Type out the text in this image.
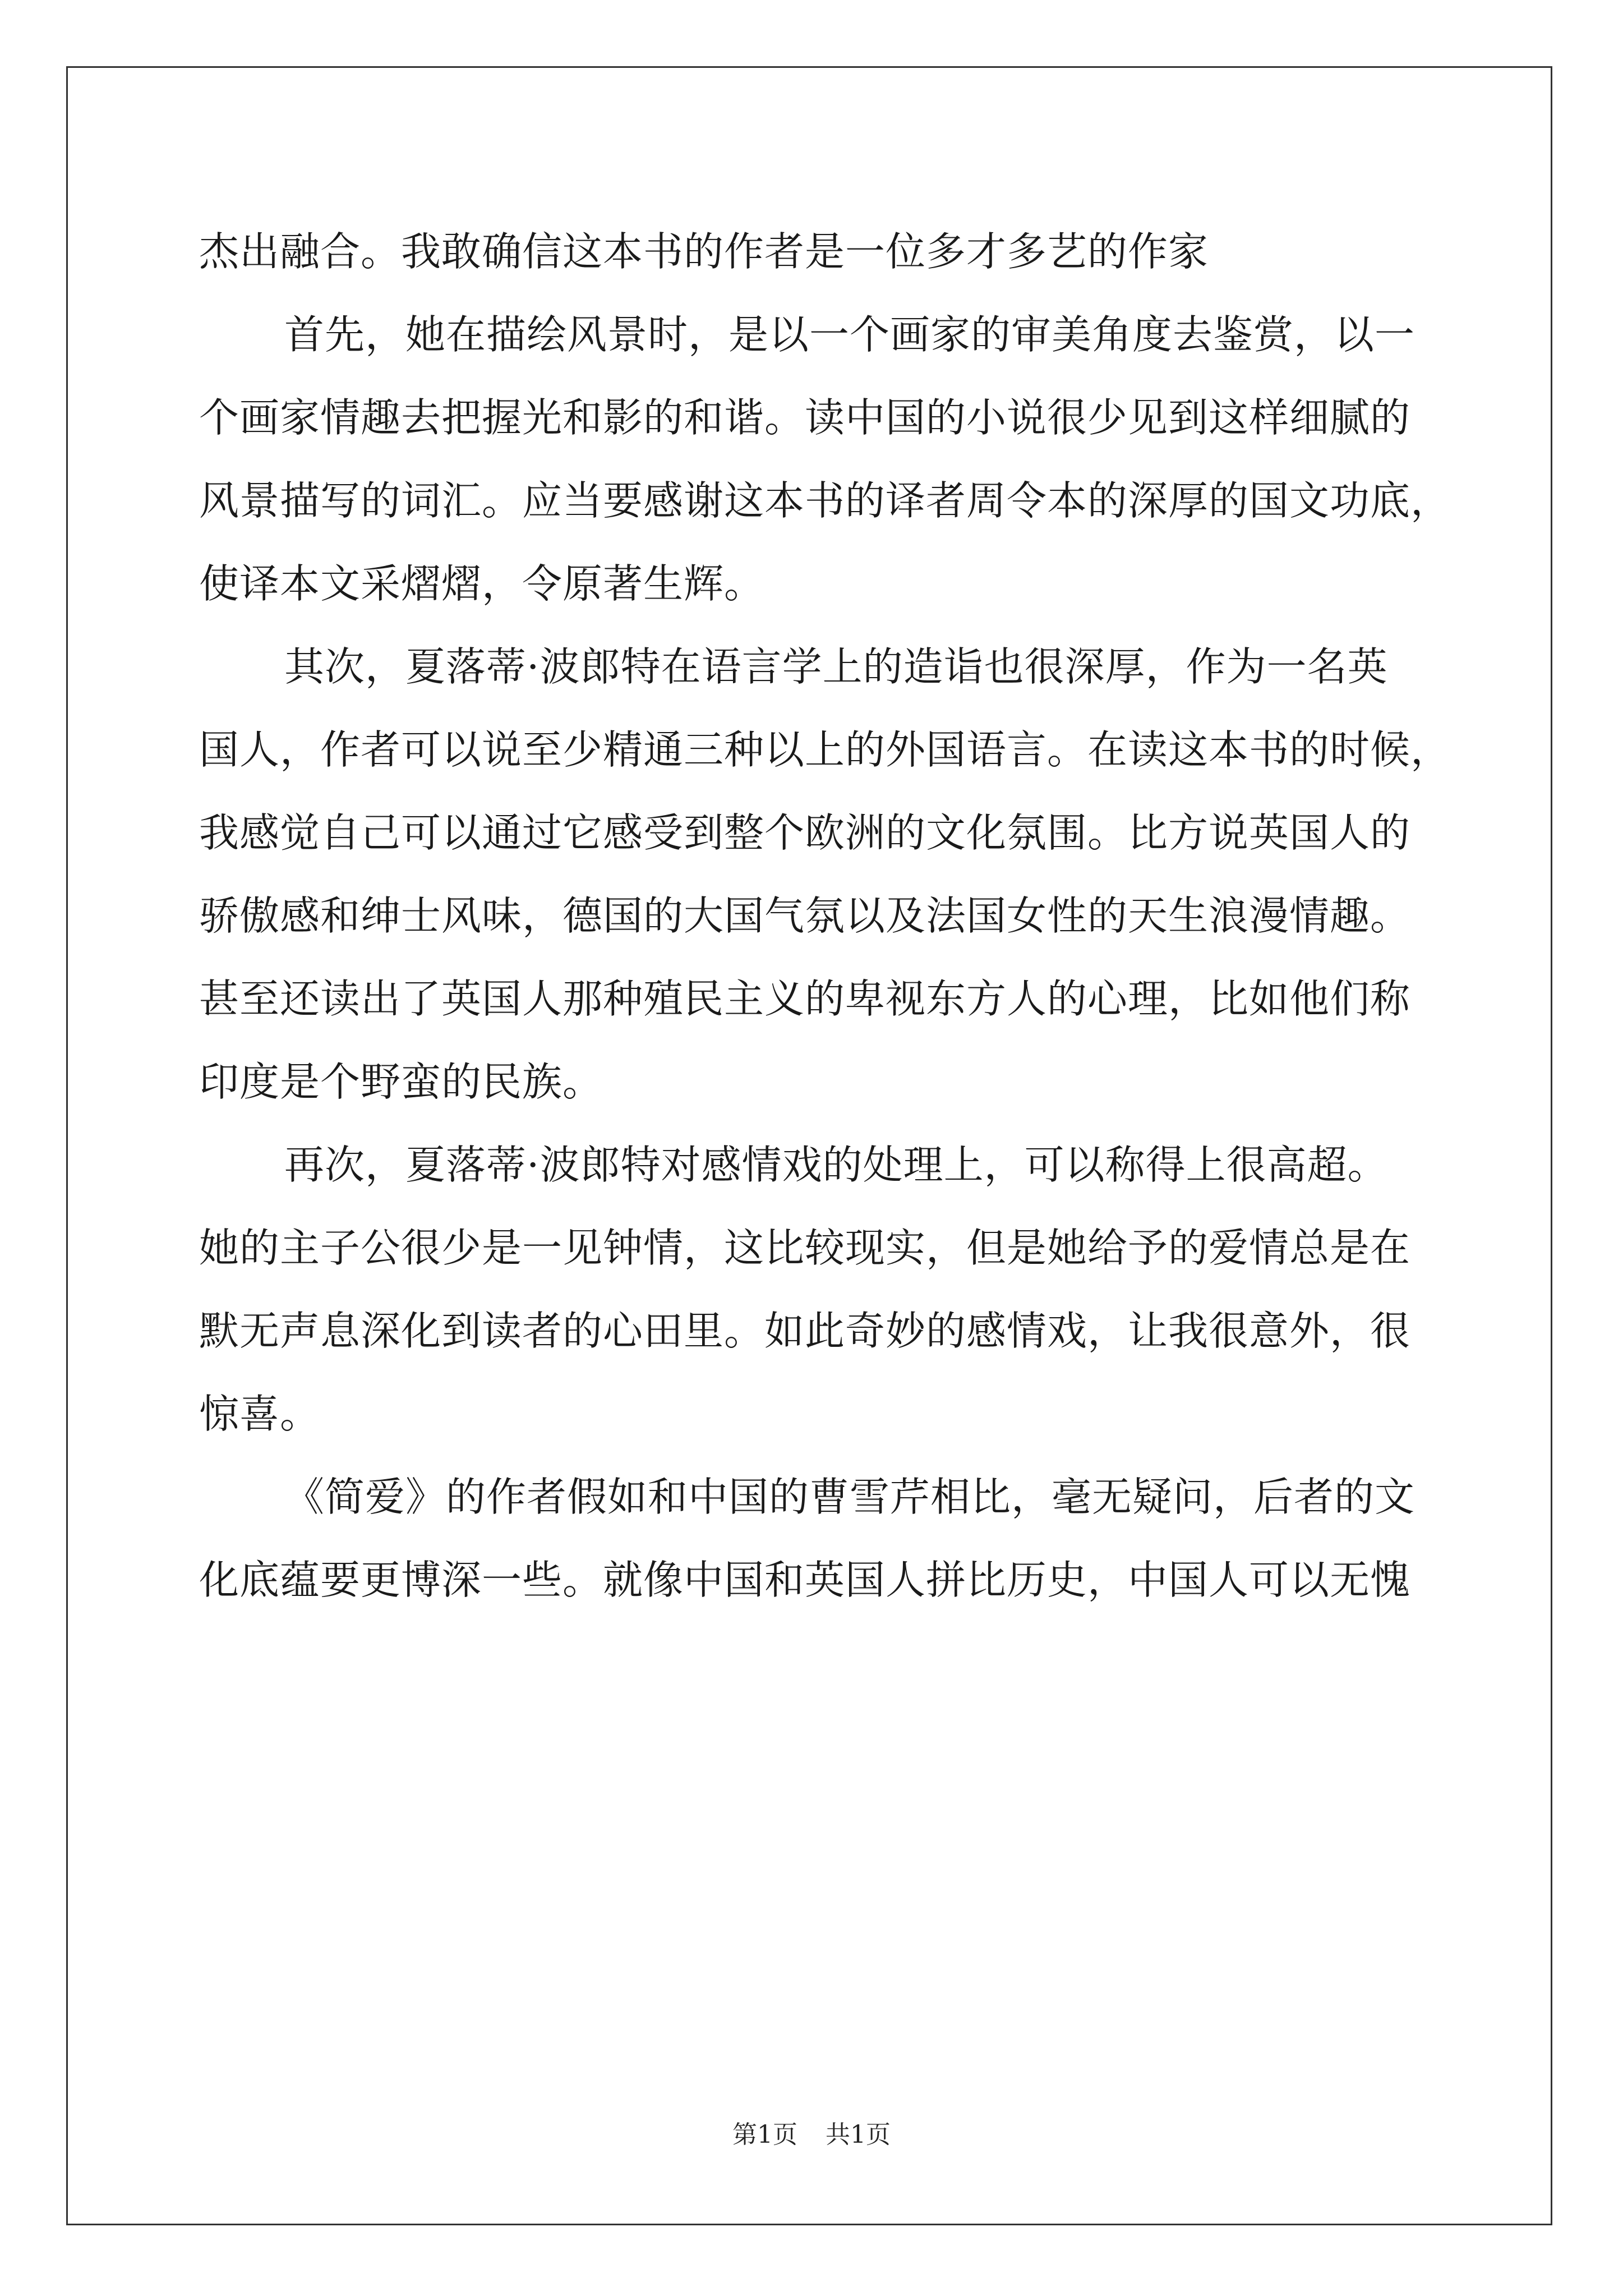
杰出融合。我敢确信这本书的作者是一位多才多艺的作家
首先，她在描绘风景时，是以一个画家的审美角度去鉴赏，以一
个画家情趣去把握光和影的和谐。读中国的小说很少见到这样细腻的
风景描写的词汇。应当要感谢这本书的译者周令本的深厚的国文功底，
使译本文采熠熠，令原著生辉。
其次，夏落蒂·波郎特在语言学上的造诣也很深厚，作为一名英
国人，作者可以说至少精通三种以上的外国语言。在读这本书的时候，
我感觉自己可以通过它感受到整个欧洲的文化氛围。比方说英国人的
骄傲感和绅士风味，德国的大国气氛以及法国女性的天生浪漫情趣。
甚至还读出了英国人那种殖民主义的卑视东方人的心理，比如他们称
印度是个野蛮的民族。
再次，夏落蒂·波郎特对感情戏的处理上，可以称得上很高超。
她的主子公很少是一见钟情，这比较现实，但是她给予的爱情总是在
默无声息深化到读者的心田里。如此奇妙的感情戏，让我很意外，很
惊喜。
《简爱》的作者假如和中国的曹雪芹相比，毫无疑问，后者的文
化底蕴要更博深一些。就像中国和英国人拼比历史，中国人可以无愧
第1页 共1页
